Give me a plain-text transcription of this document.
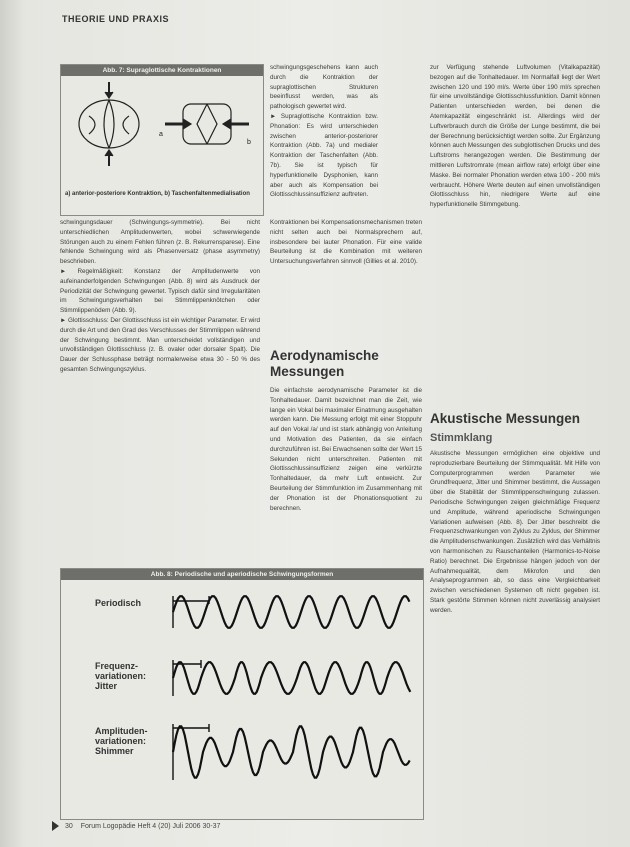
THEORIE UND PRAXIS
Abb. 7: Supraglottische Kontraktionen
a
b
a) anterior-posteriore Kontraktion, b) Taschenfaltenmedialisation
schwingungsdauer (Schwingungs-symmetrie). Bei nicht unterschiedlichen Amplitudenwerten, wobei schwerwiegende Störungen auch zu einem Fehlen führen (z. B. Rekurrensparese). Eine fehlende Schwingung wird als Phasenversatz (phase asymmetry) beschrieben.
► Regelmäßigkeit: Konstanz der Amplitudenwerte von aufeinanderfolgenden Schwingungen (Abb. 8) wird als Ausdruck der Periodizität der Schwingung gewertet. Typisch dafür sind Irregularitäten im Schwingungsverhalten bei Stimmlippenknötchen oder Stimmlippenödem (Abb. 9).
► Glottisschluss: Der Glottisschluss ist ein wichtiger Parameter. Er wird durch die Art und den Grad des Verschlusses der Stimmlippen während der Schwingung bestimmt. Man unterscheidet vollständigen und unvollständigen Glottisschluss (z. B. ovaler oder dorsaler Spalt). Die Dauer der Schlussphase beträgt normalerweise etwa 30 - 50 % des gesamten Schwingungszyklus.
schwingungsgeschehens kann auch durch die Kontraktion der supraglottischen Strukturen beeinflusst werden, was als pathologisch gewertet wird.
► Supraglottische Kontraktion bzw. Phonation: Es wird unterschieden zwischen anterior-posteriorer Kontraktion (Abb. 7a) und medialer Kontraktion der Taschenfalten (Abb. 7b). Sie ist typisch für hyperfunktionelle Dysphonien, kann aber auch als Kompensation bei Glottisschlussinsuffizienz auftreten.
Kontraktionen bei Kompensationsmechanismen treten nicht selten auch bei Normalsprechern auf, insbesondere bei lauter Phonation. Für eine valide Beurteilung ist die Kombination mit weiteren Untersuchungsverfahren sinnvoll (Gillies et al. 2010).
Aerodynamische Messungen
Die einfachste aerodynamische Parameter ist die Tonhaltedauer. Damit bezeichnet man die Zeit, wie lange ein Vokal bei maximaler Einatmung ausgehalten werden kann. Die Messung erfolgt mit einer Stoppuhr auf den Vokal /a/ und ist stark abhängig von Anleitung und Motivation des Patienten, da sie einfach durchzuführen ist. Bei Erwachsenen sollte der Wert 15 Sekunden nicht unterschreiten. Patienten mit Glottisschlussinsuffizienz zeigen eine verkürzte Tonhaltedauer, da mehr Luft entweicht. Zur Beurteilung der Stimmfunktion im Zusammenhang mit der Phonation ist der Phonationsquotient zu berechnen.
zur Verfügung stehende Luftvolumen (Vitalkapazität) bezogen auf die Tonhaltedauer. Im Normalfall liegt der Wert zwischen 120 und 190 ml/s. Werte über 190 ml/s sprechen für eine unvollständige Glottisschlussfunktion. Damit können Patienten unterschieden werden, bei denen die Atemkapazität eingeschränkt ist. Allerdings wird der Luftverbrauch durch die Größe der Lunge bestimmt, die bei der Berechnung berücksichtigt werden sollte. Zur Ergänzung können auch Messungen des subglottischen Drucks und des Luftstroms herangezogen werden. Die Bestimmung der mittleren Luftstromrate (mean airflow rate) erfolgt über eine Maske. Bei normaler Phonation werden etwa 100 - 200 ml/s verbraucht. Höhere Werte deuten auf einen unvollständigen Glottisschluss hin, niedrigere Werte auf eine hyperfunktionelle Stimmgebung.
Akustische Messungen
Stimmklang
Akustische Messungen ermöglichen eine objektive und reproduzierbare Beurteilung der Stimmqualität. Mit Hilfe von Computerprogrammen werden Parameter wie Grundfrequenz, Jitter und Shimmer bestimmt, die Aussagen über die Stabilität der Stimmlippenschwingung zulassen. Periodische Schwingungen zeigen gleichmäßige Frequenz und Amplitude, während aperiodische Schwingungen Variationen aufweisen (Abb. 8). Der Jitter beschreibt die Frequenzschwankungen von Zyklus zu Zyklus, der Shimmer die Amplitudenschwankungen. Zusätzlich wird das Verhältnis von harmonischen zu Rauschanteilen (Harmonics-to-Noise Ratio) berechnet. Die Ergebnisse hängen jedoch von der Aufnahmequalität, dem Mikrofon und den Analyseprogrammen ab, so dass eine Vergleichbarkeit zwischen verschiedenen Systemen oft nicht gegeben ist. Stark gestörte Stimmen können nicht zuverlässig analysiert werden.
Abb. 8: Periodische und aperiodische Schwingungsformen
Periodisch
Frequenz-
variationen:
Jitter
Amplituden-
variationen:
Shimmer
30 Forum Logopädie Heft 4 (20) Juli 2006 30-37
